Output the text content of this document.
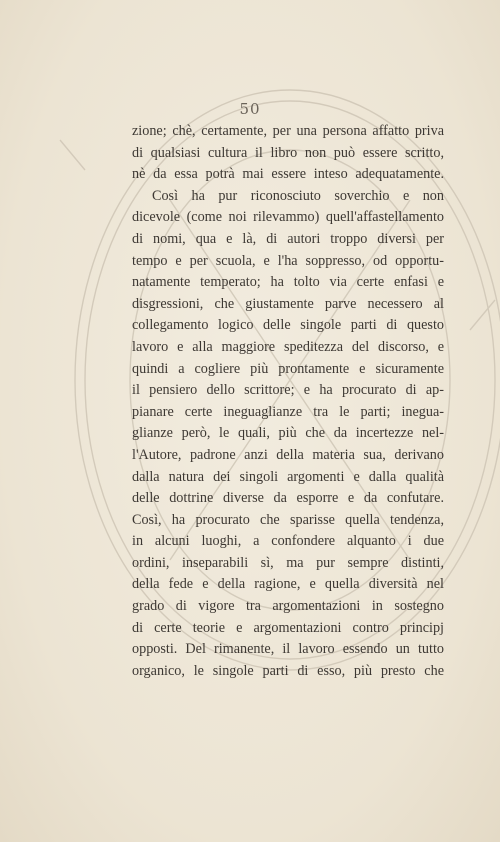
50
zione; chè, certamente, per una persona affatto priva
di qualsiasi cultura il libro non può essere scritto,
nè da essa potrà mai essere inteso adequatamente.
Così ha pur riconosciuto soverchio e non
dicevole (come noi rilevammo) quell'affastellamento
di nomi, qua e là, di autori troppo diversi per
tempo e per scuola, e l'ha soppresso, od opportu-
natamente temperato; ha tolto via certe enfasi e
disgressioni, che giustamente parve necessero al
collegamento logico delle singole parti di questo
lavoro e alla maggiore speditezza del discorso, e
quindi a cogliere più prontamente e sicuramente
il pensiero dello scrittore; e ha procurato di ap-
pianare certe ineguaglianze tra le parti; inegua-
glianze però, le quali, più che da incertezze nel-
l'Autore, padrone anzi della materia sua, derivano
dalla natura dei singoli argomenti e dalla qualità
delle dottrine diverse da esporre e da confutare.
Così, ha procurato che sparisse quella tendenza,
in alcuni luoghi, a confondere alquanto i due
ordini, inseparabili sì, ma pur sempre distinti,
della fede e della ragione, e quella diversità nel
grado di vigore tra argomentazioni in sostegno
di certe teorie e argomentazioni contro principj
opposti. Del rimanente, il lavoro essendo un tutto
organico, le singole parti di esso, più presto che
